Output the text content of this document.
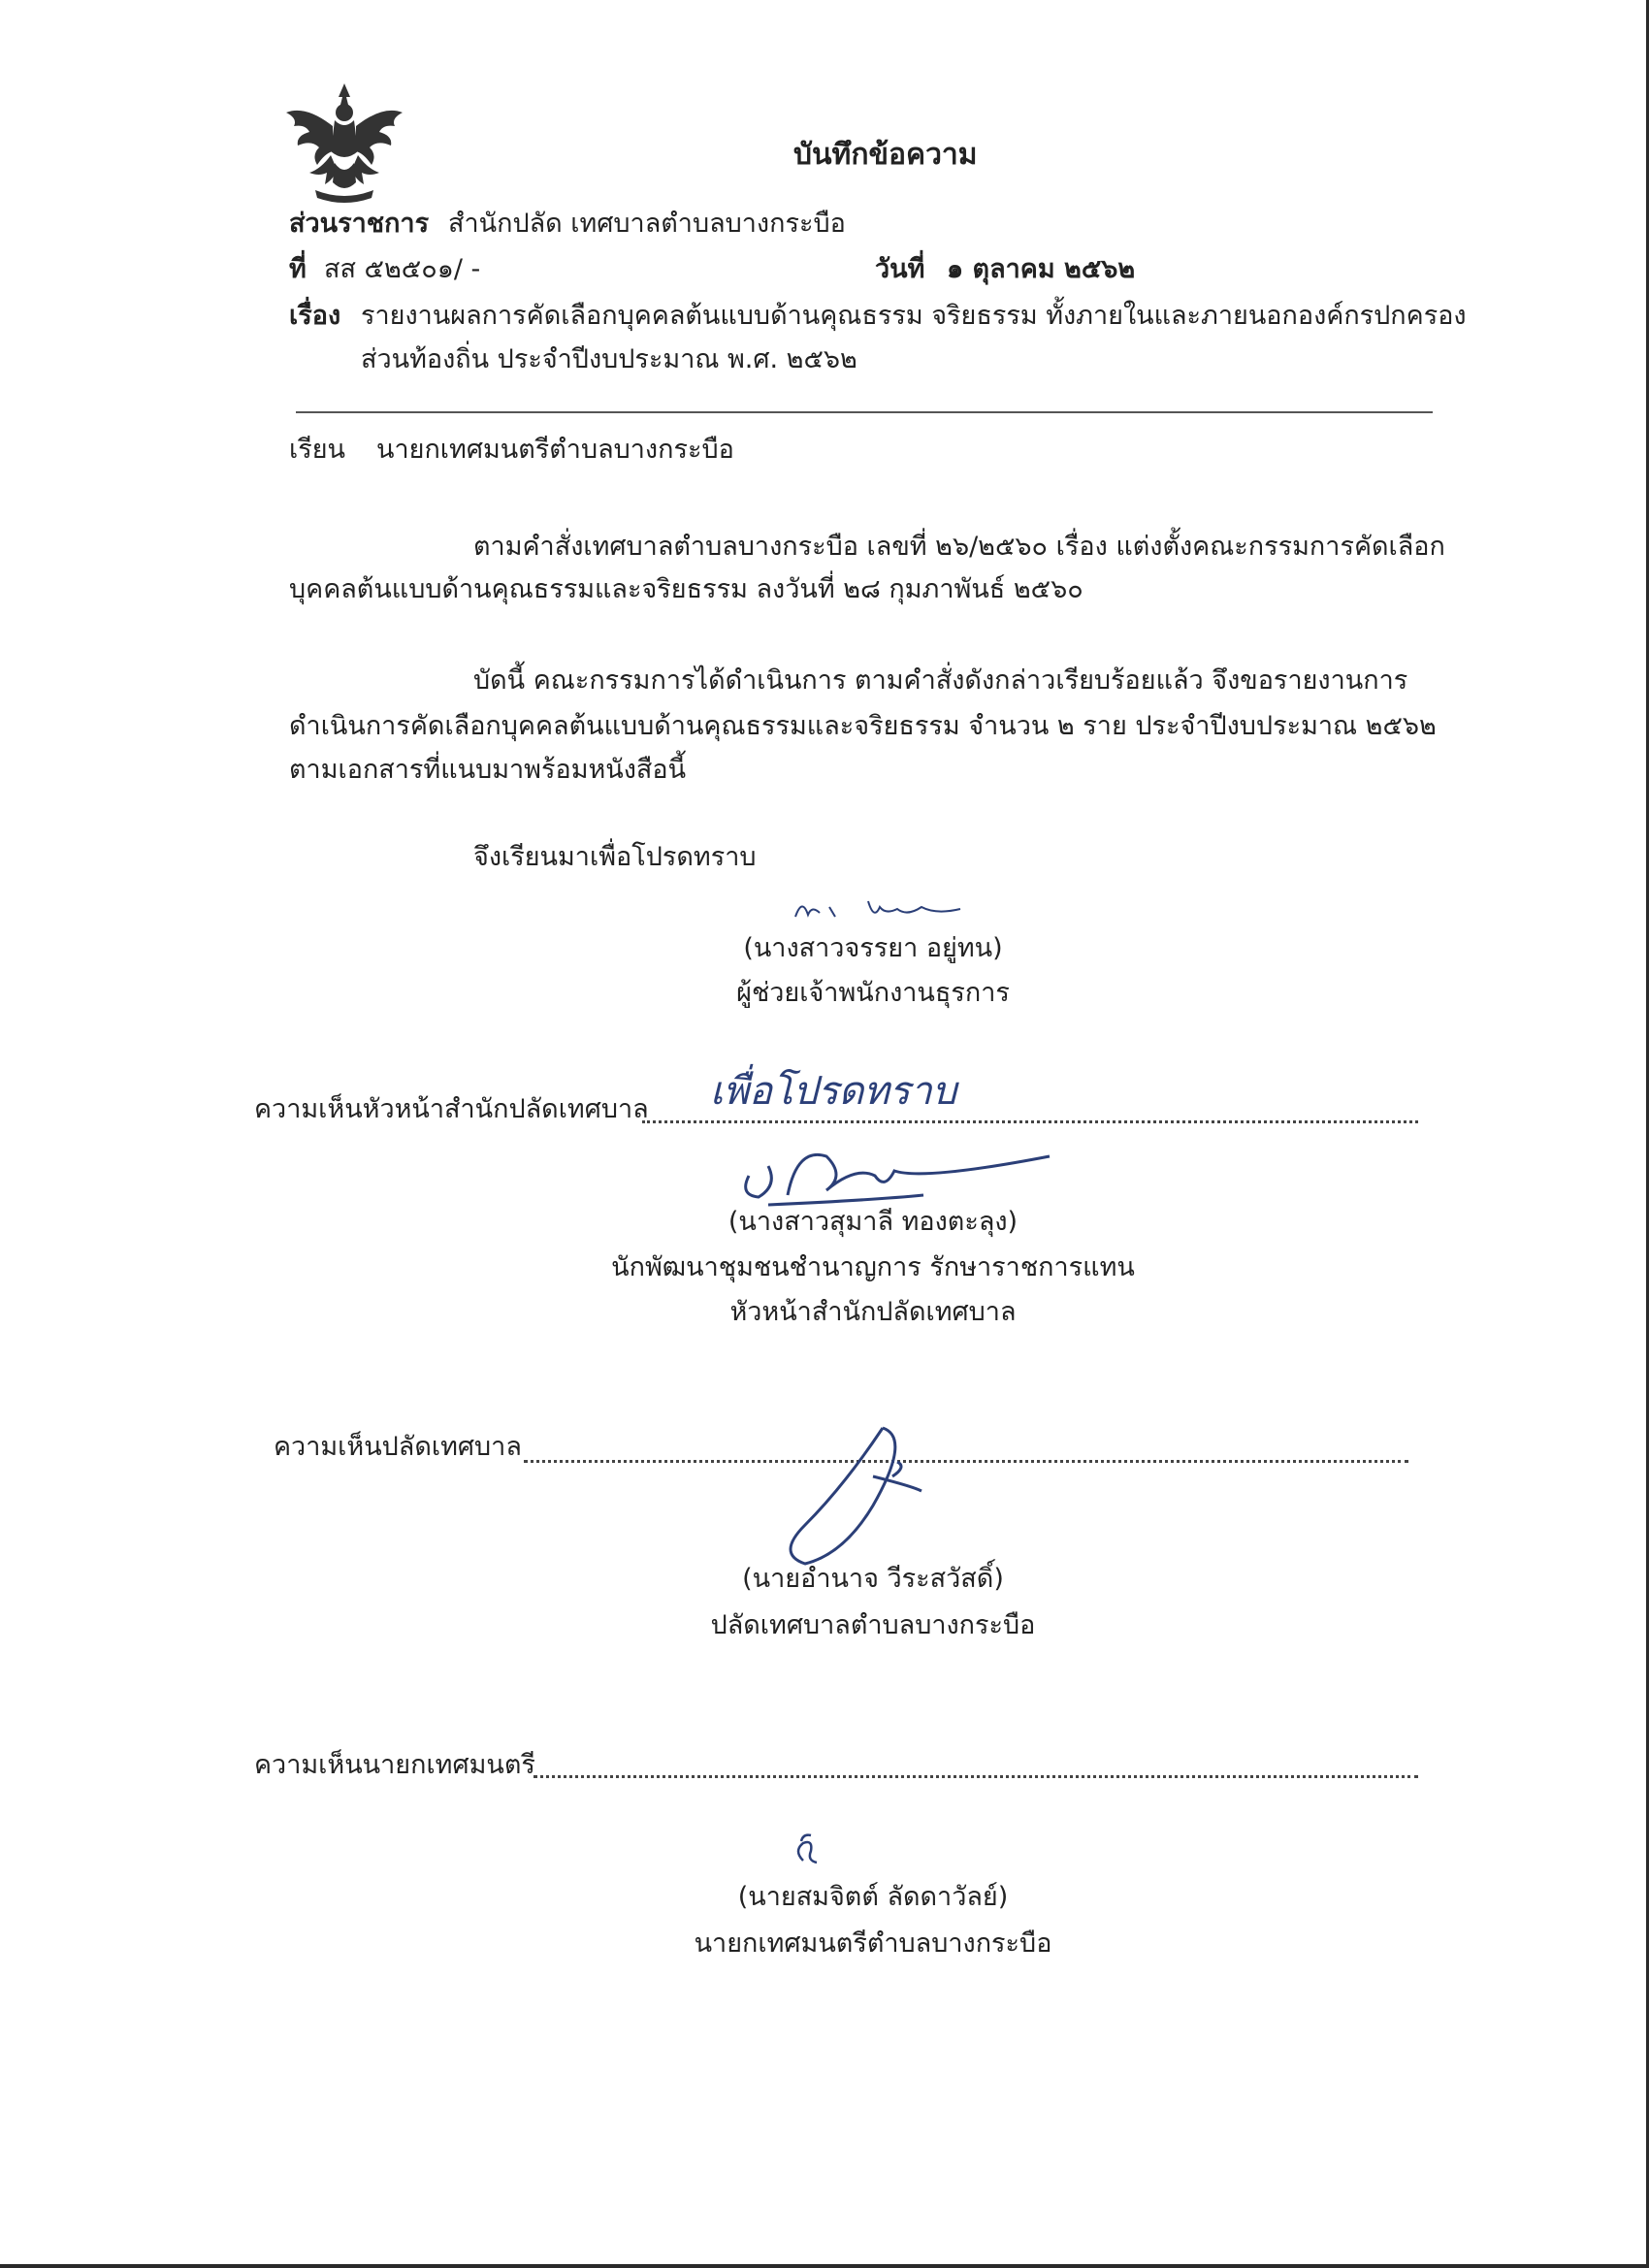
บันทึกข้อความ
ส่วนราชการ สำนักปลัด เทศบาลตำบลบางกระบือ
ที่ สส ๕๒๕๐๑/ -	วันที่ ๑ ตุลาคม ๒๕๖๒
เรื่อง รายงานผลการคัดเลือกบุคคลต้นแบบด้านคุณธรรม จริยธรรม ทั้งภายในและภายนอกองค์กรปกครอง
ส่วนท้องถิ่น ประจำปีงบประมาณ พ.ศ. ๒๕๖๒
เรียน นายกเทศมนตรีตำบลบางกระบือ
ตามคำสั่งเทศบาลตำบลบางกระบือ เลขที่ ๒๖/๒๕๖๐ เรื่อง แต่งตั้งคณะกรรมการคัดเลือก
บุคคลต้นแบบด้านคุณธรรมและจริยธรรม ลงวันที่ ๒๘ กุมภาพันธ์ ๒๕๖๐
บัดนี้ คณะกรรมการได้ดำเนินการ ตามคำสั่งดังกล่าวเรียบร้อยแล้ว จึงขอรายงานการ
ดำเนินการคัดเลือกบุคคลต้นแบบด้านคุณธรรมและจริยธรรม จำนวน ๒ ราย ประจำปีงบประมาณ ๒๕๖๒
ตามเอกสารที่แนบมาพร้อมหนังสือนี้
จึงเรียนมาเพื่อโปรดทราบ
(นางสาวจรรยา อยู่ทน)
ผู้ช่วยเจ้าพนักงานธุรการ
ความเห็นหัวหน้าสำนักปลัดเทศบาล เพื่อโปรดทราบ
(นางสาวสุมาลี ทองตะลุง)
นักพัฒนาชุมชนชำนาญการ รักษาราชการแทน
หัวหน้าสำนักปลัดเทศบาล
ความเห็นปลัดเทศบาล
(นายอำนาจ วีระสวัสดิ์)
ปลัดเทศบาลตำบลบางกระบือ
ความเห็นนายกเทศมนตรี
(นายสมจิตต์ ลัดดาวัลย์)
นายกเทศมนตรีตำบลบางกระบือ
